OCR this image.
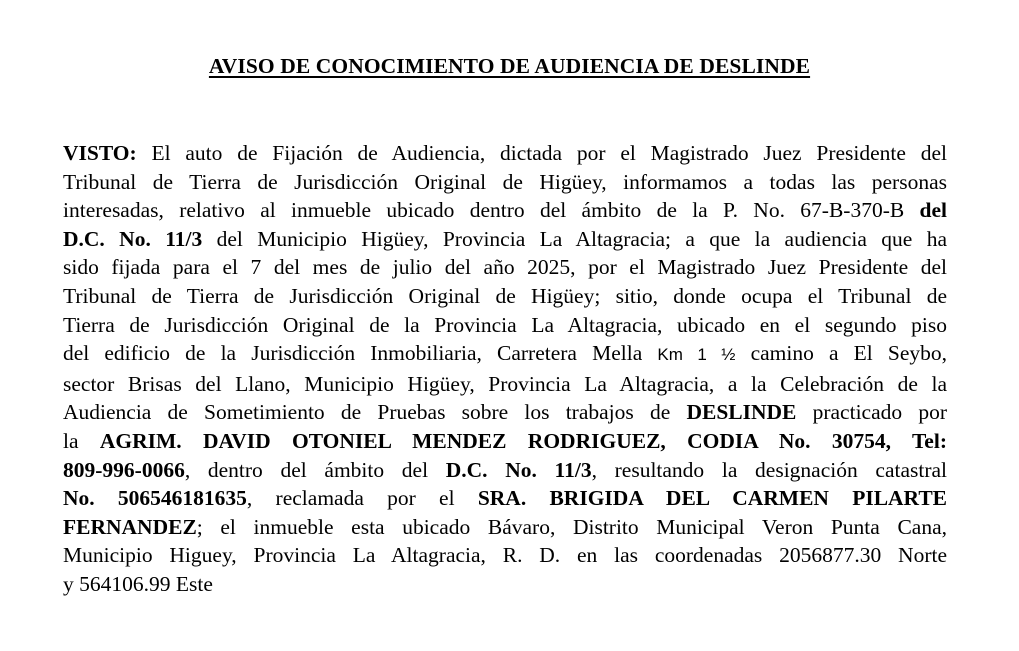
AVISO DE CONOCIMIENTO DE AUDIENCIA DE DESLINDE
VISTO: El auto de Fijación de Audiencia, dictada por el Magistrado Juez Presidente del
Tribunal de Tierra de Jurisdicción Original de Higüey, informamos a todas las personas
interesadas, relativo al inmueble ubicado dentro del ámbito de la P. No. 67-B-370-B del
D.C. No. 11/3 del Municipio Higüey, Provincia La Altagracia; a que la audiencia que ha
sido fijada para el 7 del mes de julio del año 2025, por el Magistrado Juez Presidente del
Tribunal de Tierra de Jurisdicción Original de Higüey; sitio, donde ocupa el Tribunal de
Tierra de Jurisdicción Original de la Provincia La Altagracia, ubicado en el segundo piso
del edificio de la Jurisdicción Inmobiliaria, Carretera Mella Km 1 ½ camino a El Seybo,
sector Brisas del Llano, Municipio Higüey, Provincia La Altagracia, a la Celebración de la
Audiencia de Sometimiento de Pruebas sobre los trabajos de DESLINDE practicado por
la AGRIM. DAVID OTONIEL MENDEZ RODRIGUEZ, CODIA No. 30754, Tel:
809-996-0066, dentro del ámbito del D.C. No. 11/3, resultando la designación catastral
No. 506546181635, reclamada por el SRA. BRIGIDA DEL CARMEN PILARTE
FERNANDEZ; el inmueble esta ubicado Bávaro, Distrito Municipal Veron Punta Cana,
Municipio Higuey, Provincia La Altagracia, R. D. en las coordenadas 2056877.30 Norte
y 564106.99 Este
